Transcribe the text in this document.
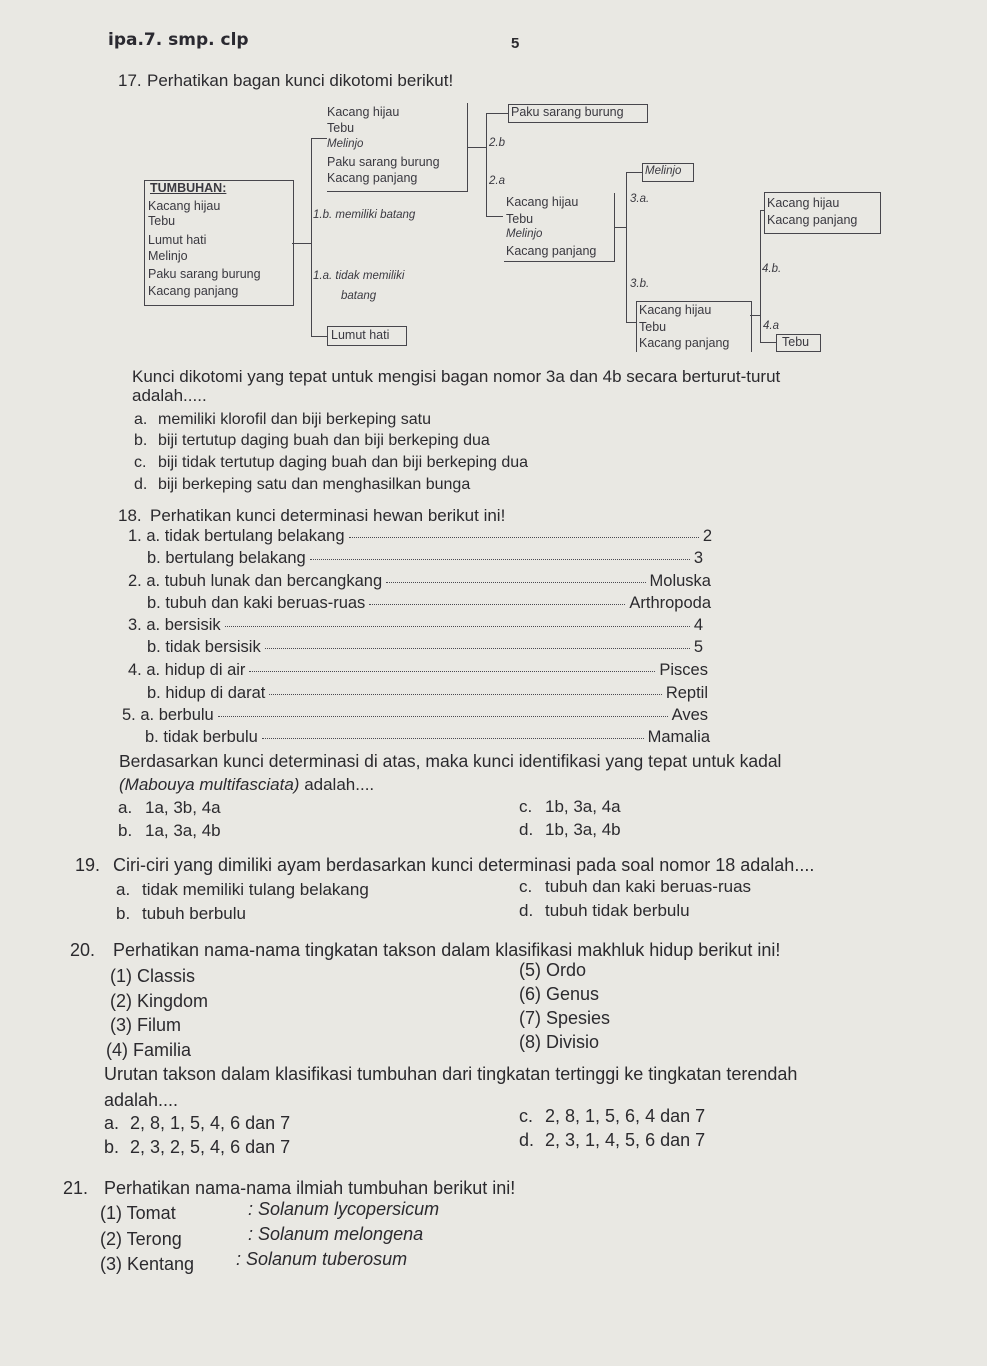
ipa.7. smp. clp	5
17. Perhatikan bagan kunci dikotomi berikut!
TUMBUHAN:
Kacang hijau
Tebu
Lumut hati
Melinjo
Paku sarang burung
Kacang panjang
1.b. memiliki batang
1.a. tidak memiliki
batang
Kacang hijau
Tebu
Melinjo
Paku sarang burung
Kacang panjang
Lumut hati
2.b
2.a
Paku sarang burung
Kacang hijau
Tebu
Melinjo
Kacang panjang
3.a.
3.b.
Melinjo
Kacang hijau
Tebu
Kacang panjang
4.b.
4.a
Kacang hijau
Kacang panjang
Tebu
Kunci dikotomi yang tepat untuk mengisi bagan nomor 3a dan 4b secara berturut-turut
adalah.....
a. memiliki klorofil dan biji berkeping satu
b. biji tertutup daging buah dan biji berkeping dua
c. biji tidak tertutup daging buah dan biji berkeping dua
d. biji berkeping satu dan menghasilkan bunga
18. Perhatikan kunci determinasi hewan berikut ini!
1. a. tidak bertulang belakang	2
b. bertulang belakang	3
2. a. tubuh lunak dan bercangkang	Moluska
b. tubuh dan kaki beruas-ruas	Arthropoda
3. a. bersisik	4
b. tidak bersisik	5
4. a. hidup di air	Pisces
b. hidup di darat	Reptil
5. a. berbulu	Aves
b. tidak berbulu	Mamalia
Berdasarkan kunci determinasi di atas, maka kunci identifikasi yang tepat untuk kadal
(Mabouya multifasciata) adalah....
a. 1a, 3b, 4a
b. 1a, 3a, 4b
c. 1b, 3a, 4a
d. 1b, 3a, 4b
19. Ciri-ciri yang dimiliki ayam berdasarkan kunci determinasi pada soal nomor 18 adalah....
a. tidak memiliki tulang belakang
b. tubuh berbulu
c. tubuh dan kaki beruas-ruas
d. tubuh tidak berbulu
20. Perhatikan nama-nama tingkatan takson dalam klasifikasi makhluk hidup berikut ini!
(1) Classis
(2) Kingdom
(3) Filum
(4) Familia
(5) Ordo
(6) Genus
(7) Spesies
(8) Divisio
Urutan takson dalam klasifikasi tumbuhan dari tingkatan tertinggi ke tingkatan terendah
adalah....
a. 2, 8, 1, 5, 4, 6 dan 7
b. 2, 3, 2, 5, 4, 6 dan 7
c. 2, 8, 1, 5, 6, 4 dan 7
d. 2, 3, 1, 4, 5, 6 dan 7
21. Perhatikan nama-nama ilmiah tumbuhan berikut ini!
(1) Tomat	: Solanum lycopersicum
(2) Terong	: Solanum melongena
(3) Kentang : Solanum tuberosum
